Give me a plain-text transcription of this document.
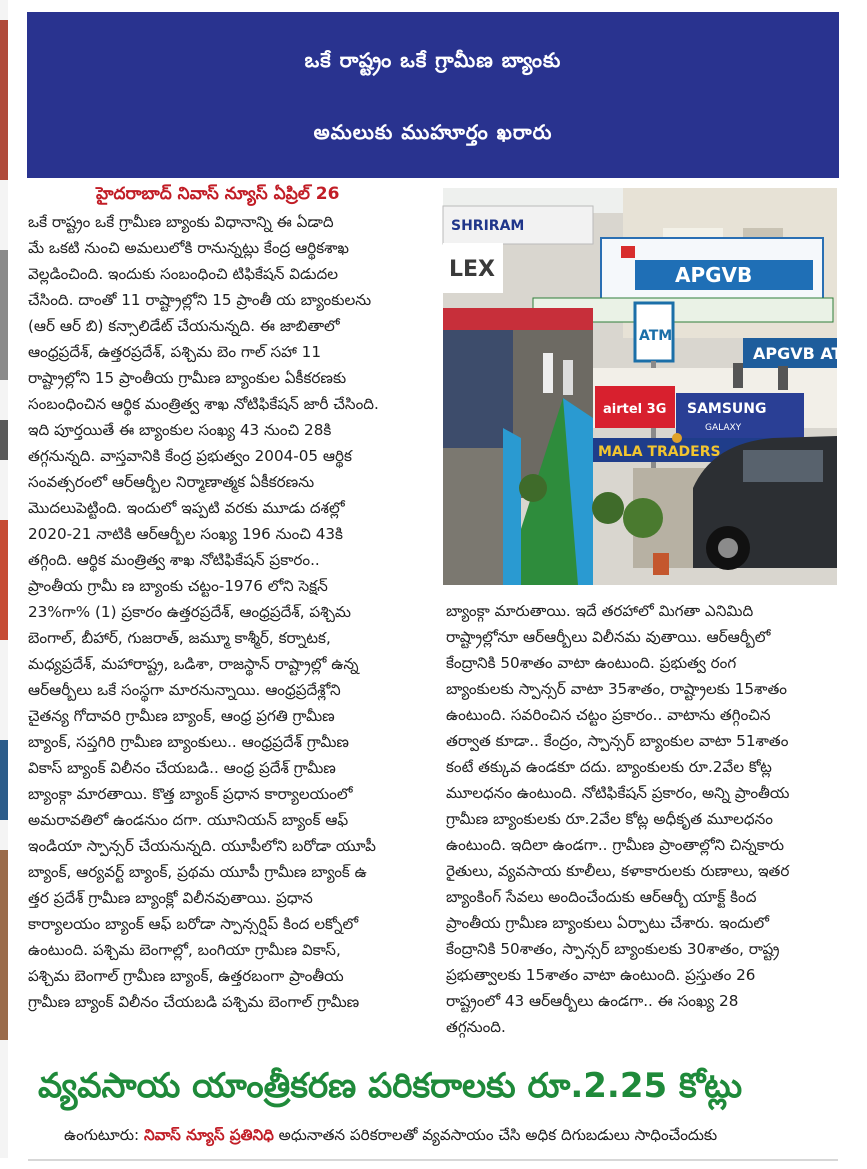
ఒకే రాష్ట్రం ఒకే గ్రామీణ బ్యాంకు
అమలుకు ముహూర్తం ఖరారు
హైదరాబాద్ నివాస్ న్యూస్ ఏప్రిల్ 26

ఒకే రాష్ట్రం ఒకే గ్రామీణ బ్యాంకు విధానాన్ని ఈ ఏడాది

మే ఒకటి నుంచి అమలులోకి రానున్నట్లు కేంద్ర ఆర్థికశాఖ

వెల్లడించింది. ఇందుకు సంబంధించి టిఫికేషన్ విడుదల

చేసింది. దాంతో 11 రాష్ట్రాల్లోని 15 ప్రాంతీ య బ్యాంకులను

(ఆర్ ఆర్ బి) కన్సాలిడేట్ చేయనున్నది. ఈ జాబితాలో

ఆంధ్రప్రదేశ్, ఉత్తరప్రదేశ్, పశ్చిమ బెం గాల్ సహా 11

రాష్ట్రాల్లోని 15 ప్రాంతీయ గ్రామీణ బ్యాంకుల ఏకీకరణకు

సంబంధించిన ఆర్థిక మంత్రిత్వ శాఖ నోటిఫికేషన్ జారీ చేసింది.

ఇది పూర్తయితే ఈ బ్యాంకుల సంఖ్య 43 నుంచి 28కి

తగ్గనున్నది. వాస్తవానికి కేంద్ర ప్రభుత్వం 2004-05 ఆర్థిక

సంవత్సరంలో ఆర్ఆర్బీల నిర్మాణాత్మక ఏకీకరణను

మొదలుపెట్టింది. ఇందులో ఇప్పటి వరకు మూడు దశల్లో

2020-21 నాటికి ఆర్ఆర్బీల సంఖ్య 196 నుంచి 43కి

తగ్గింది. ఆర్థిక మంత్రిత్వ శాఖ నోటిఫికేషన్ ప్రకారం..

ప్రాంతీయ గ్రామీ ణ బ్యాంకు చట్టం-1976 లోని సెక్షన్

23%గా% (1) ప్రకారం ఉత్తరప్రదేశ్, ఆంధ్రప్రదేశ్, పశ్చిమ

బెంగాల్, బీహార్, గుజరాత్, జమ్మూ కాశ్మీర్, కర్నాటక,

మధ్యప్రదేశ్, మహారాష్ట్ర, ఒడిశా, రాజస్థాన్ రాష్ట్రాల్లో ఉన్న

ఆర్ఆర్బీలు ఒకే సంస్థగా మారనున్నాయి. ఆంధ్రప్రదేశ్లోని

చైతన్య గోదావరి గ్రామీణ బ్యాంక్, ఆంధ్ర ప్రగతి గ్రామీణ

బ్యాంక్, సప్తగిరి గ్రామీణ బ్యాంకులు.. ఆంధ్రప్రదేశ్ గ్రామీణ

వికాస్ బ్యాంక్ విలీనం చేయబడి.. ఆంధ్ర ప్రదేశ్ గ్రామీణ

బ్యాంక్గా మారతాయి. కొత్త బ్యాంక్ ప్రధాన కార్యాలయంలో

అమరావతిలో ఉండనుం దగా. యూనియన్ బ్యాంక్ ఆఫ్

ఇండియా స్పాన్సర్ చేయనున్నది. యూపీలోని బరోడా యూపీ

బ్యాంక్, ఆర్యవర్ట్ బ్యాంక్, ప్రథమ యూపీ గ్రామీణ బ్యాంక్ ఉ

త్తర ప్రదేశ్ గ్రామీణ బ్యాంక్లో విలీనవుతాయి. ప్రధాన

కార్యాలయం బ్యాంక్ ఆఫ్ బరోడా స్పాన్సర్షిప్ కింద లక్నోలో

ఉంటుంది. పశ్చిమ బెంగాల్లో, బంగియా గ్రామీణ వికాస్,

పశ్చిమ బెంగాల్ గ్రామీణ బ్యాంక్, ఉత్తరబంగా ప్రాంతీయ

గ్రామీణ బ్యాంక్ విలీనం చేయబడి పశ్చిమ బెంగాల్ గ్రామీణ

SHRIRAM
LEX	APGVB
APGVB ATM
ATM
airtel 3G SAMSUNG
GALAXY
MALA TRADERS

బ్యాంక్గా మారుతాయి. ఇదే తరహాలో మిగతా ఎనిమిది

రాష్ట్రాల్లోనూ ఆర్ఆర్బీలు విలీనమ వుతాయి. ఆర్ఆర్బీలో

కేంద్రానికి 50శాతం వాటా ఉంటుంది. ప్రభుత్వ రంగ

బ్యాంకులకు స్పాన్సర్ వాటా 35శాతం, రాష్ట్రాలకు 15శాతం

ఉంటుంది. సవరించిన చట్టం ప్రకారం.. వాటాను తగ్గించిన

తర్వాత కూడా.. కేంద్రం, స్పాన్సర్ బ్యాంకుల వాటా 51శాతం

కంటే తక్కువ ఉండకూ దదు. బ్యాంకులకు రూ.2వేల కోట్ల

మూలధనం ఉంటుంది. నోటిఫికేషన్ ప్రకారం, అన్ని ప్రాంతీయ

గ్రామీణ బ్యాంకులకు రూ.2వేల కోట్ల అధీకృత మూలధనం

ఉంటుంది. ఇదిలా ఉండగా.. గ్రామీణ ప్రాంతాల్లోని చిన్నకారు

రైతులు, వ్యవసాయ కూలీలు, కళాకారులకు రుణాలు, ఇతర

బ్యాంకింగ్ సేవలు అందించేందుకు ఆర్ఆర్బీ యాక్ట్ కింద

ప్రాంతీయ గ్రామీణ బ్యాంకులు ఏర్పాటు చేశారు. ఇందులో

కేంద్రానికి 50శాతం, స్పాన్సర్ బ్యాంకులకు 30శాతం, రాష్ట్ర

ప్రభుత్వాలకు 15శాతం వాటా ఉంటుంది. ప్రస్తుతం 26

రాష్ట్రంలో 43 ఆర్ఆర్బీలు ఉండగా.. ఈ సంఖ్య 28

తగ్గనుంది.

వ్యవసాయ యాంత్రీకరణ పరికరాలకు రూ.2.25 కోట్లు
ఉంగుటూరు: నివాస్ న్యూస్ ప్రతినిధి అధునాతన పరికరాలతో వ్యవసాయం చేసి అధిక దిగుబడులు సాధించేందుకు
